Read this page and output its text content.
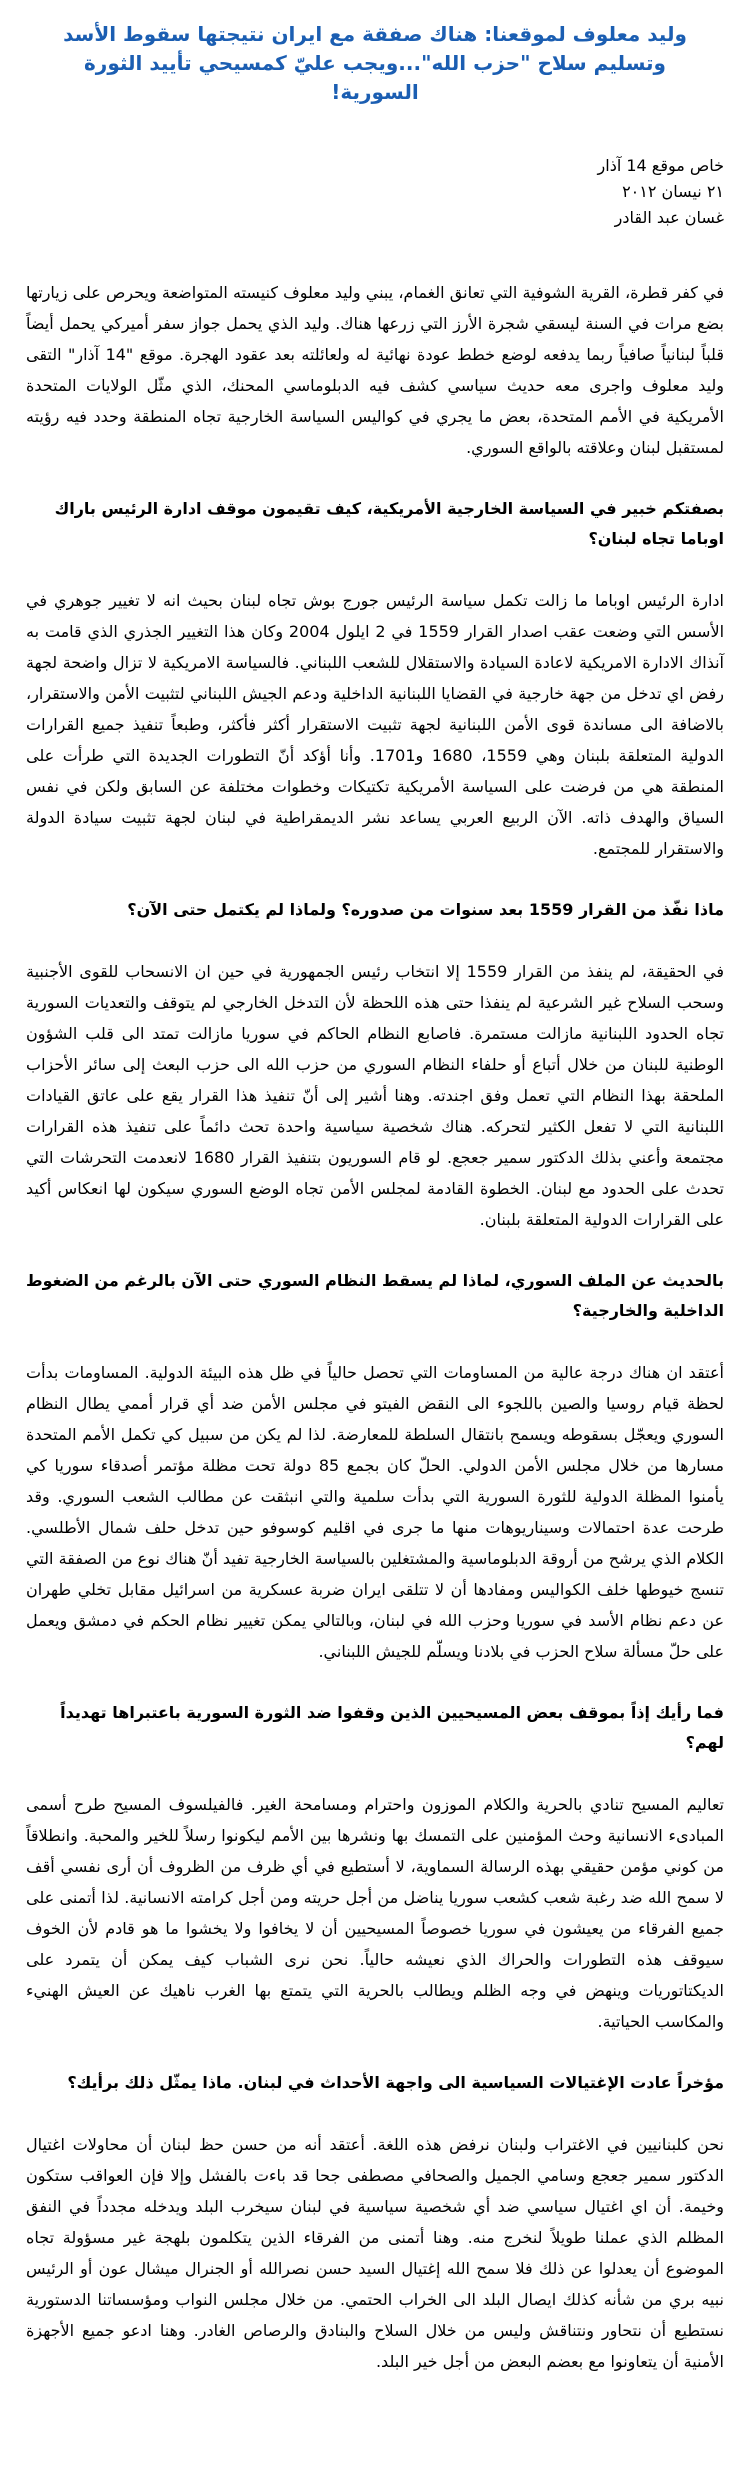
وليد معلوف لموقعنا: هناك صفقة مع ايران نتيجتها سقوط الأسد وتسليم سلاح "حزب الله"...ويجب عليّ كمسيحي تأييد الثورة السورية!
خاص موقع 14 آذار
٢١ نيسان ٢٠١٢
غسان عبد القادر

في كفر قطرة، القرية الشوفية التي تعانق الغمام، يبني وليد معلوف كنيسته المتواضعة ويحرص على زيارتها بضع مرات في السنة ليسقي شجرة الأرز التي زرعها هناك. وليد الذي يحمل جواز سفر أميركي يحمل أيضاً قلباً لبنانياً صافياً ربما يدفعه لوضع خطط عودة نهائية له ولعائلته بعد عقود الهجرة. موقع "14 آذار" التقى وليد معلوف واجرى معه حديث سياسي كشف فيه الدبلوماسي المحنك، الذي مثّل الولايات المتحدة الأمريكية في الأمم المتحدة، بعض ما يجري في كواليس السياسة الخارجية تجاه المنطقة وحدد فيه رؤيته لمستقبل لبنان وعلاقته بالواقع السوري.

بصفتكم خبير في السياسة الخارجية الأمريكية، كيف تقيمون موقف ادارة الرئيس باراك اوباما تجاه لبنان؟

ادارة الرئيس اوباما ما زالت تكمل سياسة الرئيس جورج بوش تجاه لبنان بحيث انه لا تغيير جوهري في الأسس التي وضعت عقب اصدار القرار 1559 في 2 ايلول 2004 وكان هذا التغيير الجذري الذي قامت به آنذاك الادارة الامريكية لاعادة السيادة والاستقلال للشعب اللبناني. فالسياسة الامريكية لا تزال واضحة لجهة رفض اي تدخل من جهة خارجية في القضايا اللبنانية الداخلية ودعم الجيش اللبناني لتثبيت الأمن والاستقرار، بالاضافة الى مساندة قوى الأمن اللبنانية لجهة تثبيت الاستقرار أكثر فأكثر، وطبعاً تنفيذ جميع القرارات الدولية المتعلقة بلبنان وهي 1559، 1680 و1701. وأنا أؤكد أنّ التطورات الجديدة التي طرأت على المنطقة هي من فرضت على السياسة الأمريكية تكتيكات وخطوات مختلفة عن السابق ولكن في نفس السياق والهدف ذاته. الآن الربيع العربي يساعد نشر الديمقراطية في لبنان لجهة تثبيت سيادة الدولة والاستقرار للمجتمع.

ماذا نفّذ من القرار 1559 بعد سنوات من صدوره؟ ولماذا لم يكتمل حتى الآن؟

في الحقيقة، لم ينفذ من القرار 1559 إلا انتخاب رئيس الجمهورية في حين ان الانسحاب للقوى الأجنبية وسحب السلاح غير الشرعية لم ينفذا حتى هذه اللحظة لأن التدخل الخارجي لم يتوقف والتعديات السورية تجاه الحدود اللبنانية مازالت مستمرة. فاصابع النظام الحاكم في سوريا مازالت تمتد الى قلب الشؤون الوطنية للبنان من خلال أتباع أو حلفاء النظام السوري من حزب الله الى حزب البعث إلى سائر الأحزاب الملحقة بهذا النظام التي تعمل وفق اجندته. وهنا أشير إلى أنّ تنفيذ هذا القرار يقع على عاتق القيادات اللبنانية التي لا تفعل الكثير لتحركه. هناك شخصية سياسية واحدة تحث دائماً على تنفيذ هذه القرارات مجتمعة وأعني بذلك الدكتور سمير جعجع. لو قام السوريون بتنفيذ القرار 1680 لانعدمت التحرشات التي تحدث على الحدود مع لبنان. الخطوة القادمة لمجلس الأمن تجاه الوضع السوري سيكون لها انعكاس أكيد على القرارات الدولية المتعلقة بلبنان.

بالحديث عن الملف السوري، لماذا لم يسقط النظام السوري حتى الآن بالرغم من الضغوط الداخلية والخارجية؟

أعتقد ان هناك درجة عالية من المساومات التي تحصل حالياً في ظل هذه البيئة الدولية. المساومات بدأت لحظة قيام روسيا والصين باللجوء الى النقض الفيتو في مجلس الأمن ضد أي قرار أممي يطال النظام السوري ويعجّل بسقوطه ويسمح بانتقال السلطة للمعارضة. لذا لم يكن من سبيل كي تكمل الأمم المتحدة مسارها من خلال مجلس الأمن الدولي. الحلّ كان بجمع 85 دولة تحت مظلة مؤتمر أصدقاء سوريا كي يأمنوا المظلة الدولية للثورة السورية التي بدأت سلمية والتي انبثقت عن مطالب الشعب السوري. وقد طرحت عدة احتمالات وسيناريوهات منها ما جرى في اقليم كوسوفو حين تدخل حلف شمال الأطلسي. الكلام الذي يرشح من أروقة الدبلوماسية والمشتغلين بالسياسة الخارجية تفيد أنّ هناك نوع من الصفقة التي تنسج خيوطها خلف الكواليس ومفادها أن لا تتلقى ايران ضربة عسكرية من اسرائيل مقابل تخلي طهران عن دعم نظام الأسد في سوريا وحزب الله في لبنان، وبالتالي يمكن تغيير نظام الحكم في دمشق ويعمل على حلّ مسألة سلاح الحزب في بلادنا ويسلّم للجيش اللبناني.

فما رأيك إذاً بموقف بعض المسيحيين الذين وقفوا ضد الثورة السورية باعتبراها تهديداً لهم؟

تعاليم المسيح تنادي بالحرية والكلام الموزون واحترام ومسامحة الغير. فالفيلسوف المسيح طرح أسمى المبادىء الانسانية وحث المؤمنين على التمسك بها ونشرها بين الأمم ليكونوا رسلاً للخير والمحبة. وانطلاقاً من كوني مؤمن حقيقي بهذه الرسالة السماوية، لا أستطيع في أي ظرف من الظروف أن أرى نفسي أقف لا سمح الله ضد رغبة شعب كشعب سوريا يناضل من أجل حريته ومن أجل كرامته الانسانية. لذا أتمنى على جميع الفرقاء من يعيشون في سوريا خصوصاً المسيحيين أن لا يخافوا ولا يخشوا ما هو قادم لأن الخوف سيوقف هذه التطورات والحراك الذي نعيشه حالياً. نحن نرى الشباب كيف يمكن أن يتمرد على الديكتاتوريات وينهض في وجه الظلم ويطالب بالحرية التي يتمتع بها الغرب ناهيك عن العيش الهنيء والمكاسب الحياتية.

مؤخراً عادت الإغتيالات السياسية الى واجهة الأحداث في لبنان. ماذا يمثّل ذلك برأيك؟

نحن كلبنانيين في الاغتراب ولبنان نرفض هذه اللغة. أعتقد أنه من حسن حظ لبنان أن محاولات اغتيال الدكتور سمير جعجع وسامي الجميل والصحافي مصطفى جحا قد باءت بالفشل وإلا فإن العواقب ستكون وخيمة. أن اي اغتيال سياسي ضد أي شخصية سياسية في لبنان سيخرب البلد ويدخله مجدداً في النفق المظلم الذي عملنا طويلاً لنخرج منه. وهنا أتمنى من الفرقاء الذين يتكلمون بلهجة غير مسؤولة تجاه الموضوع أن يعدلوا عن ذلك فلا سمح الله إغتيال السيد حسن نصرالله أو الجنرال ميشال عون أو الرئيس نبيه بري من شأنه كذلك ايصال البلد الى الخراب الحتمي. من خلال مجلس النواب ومؤسساتنا الدستورية نستطيع أن نتحاور ونتناقش وليس من خلال السلاح والبنادق والرصاص الغادر. وهنا ادعو جميع الأجهزة الأمنية أن يتعاونوا مع بعضم البعض من أجل خير البلد.
